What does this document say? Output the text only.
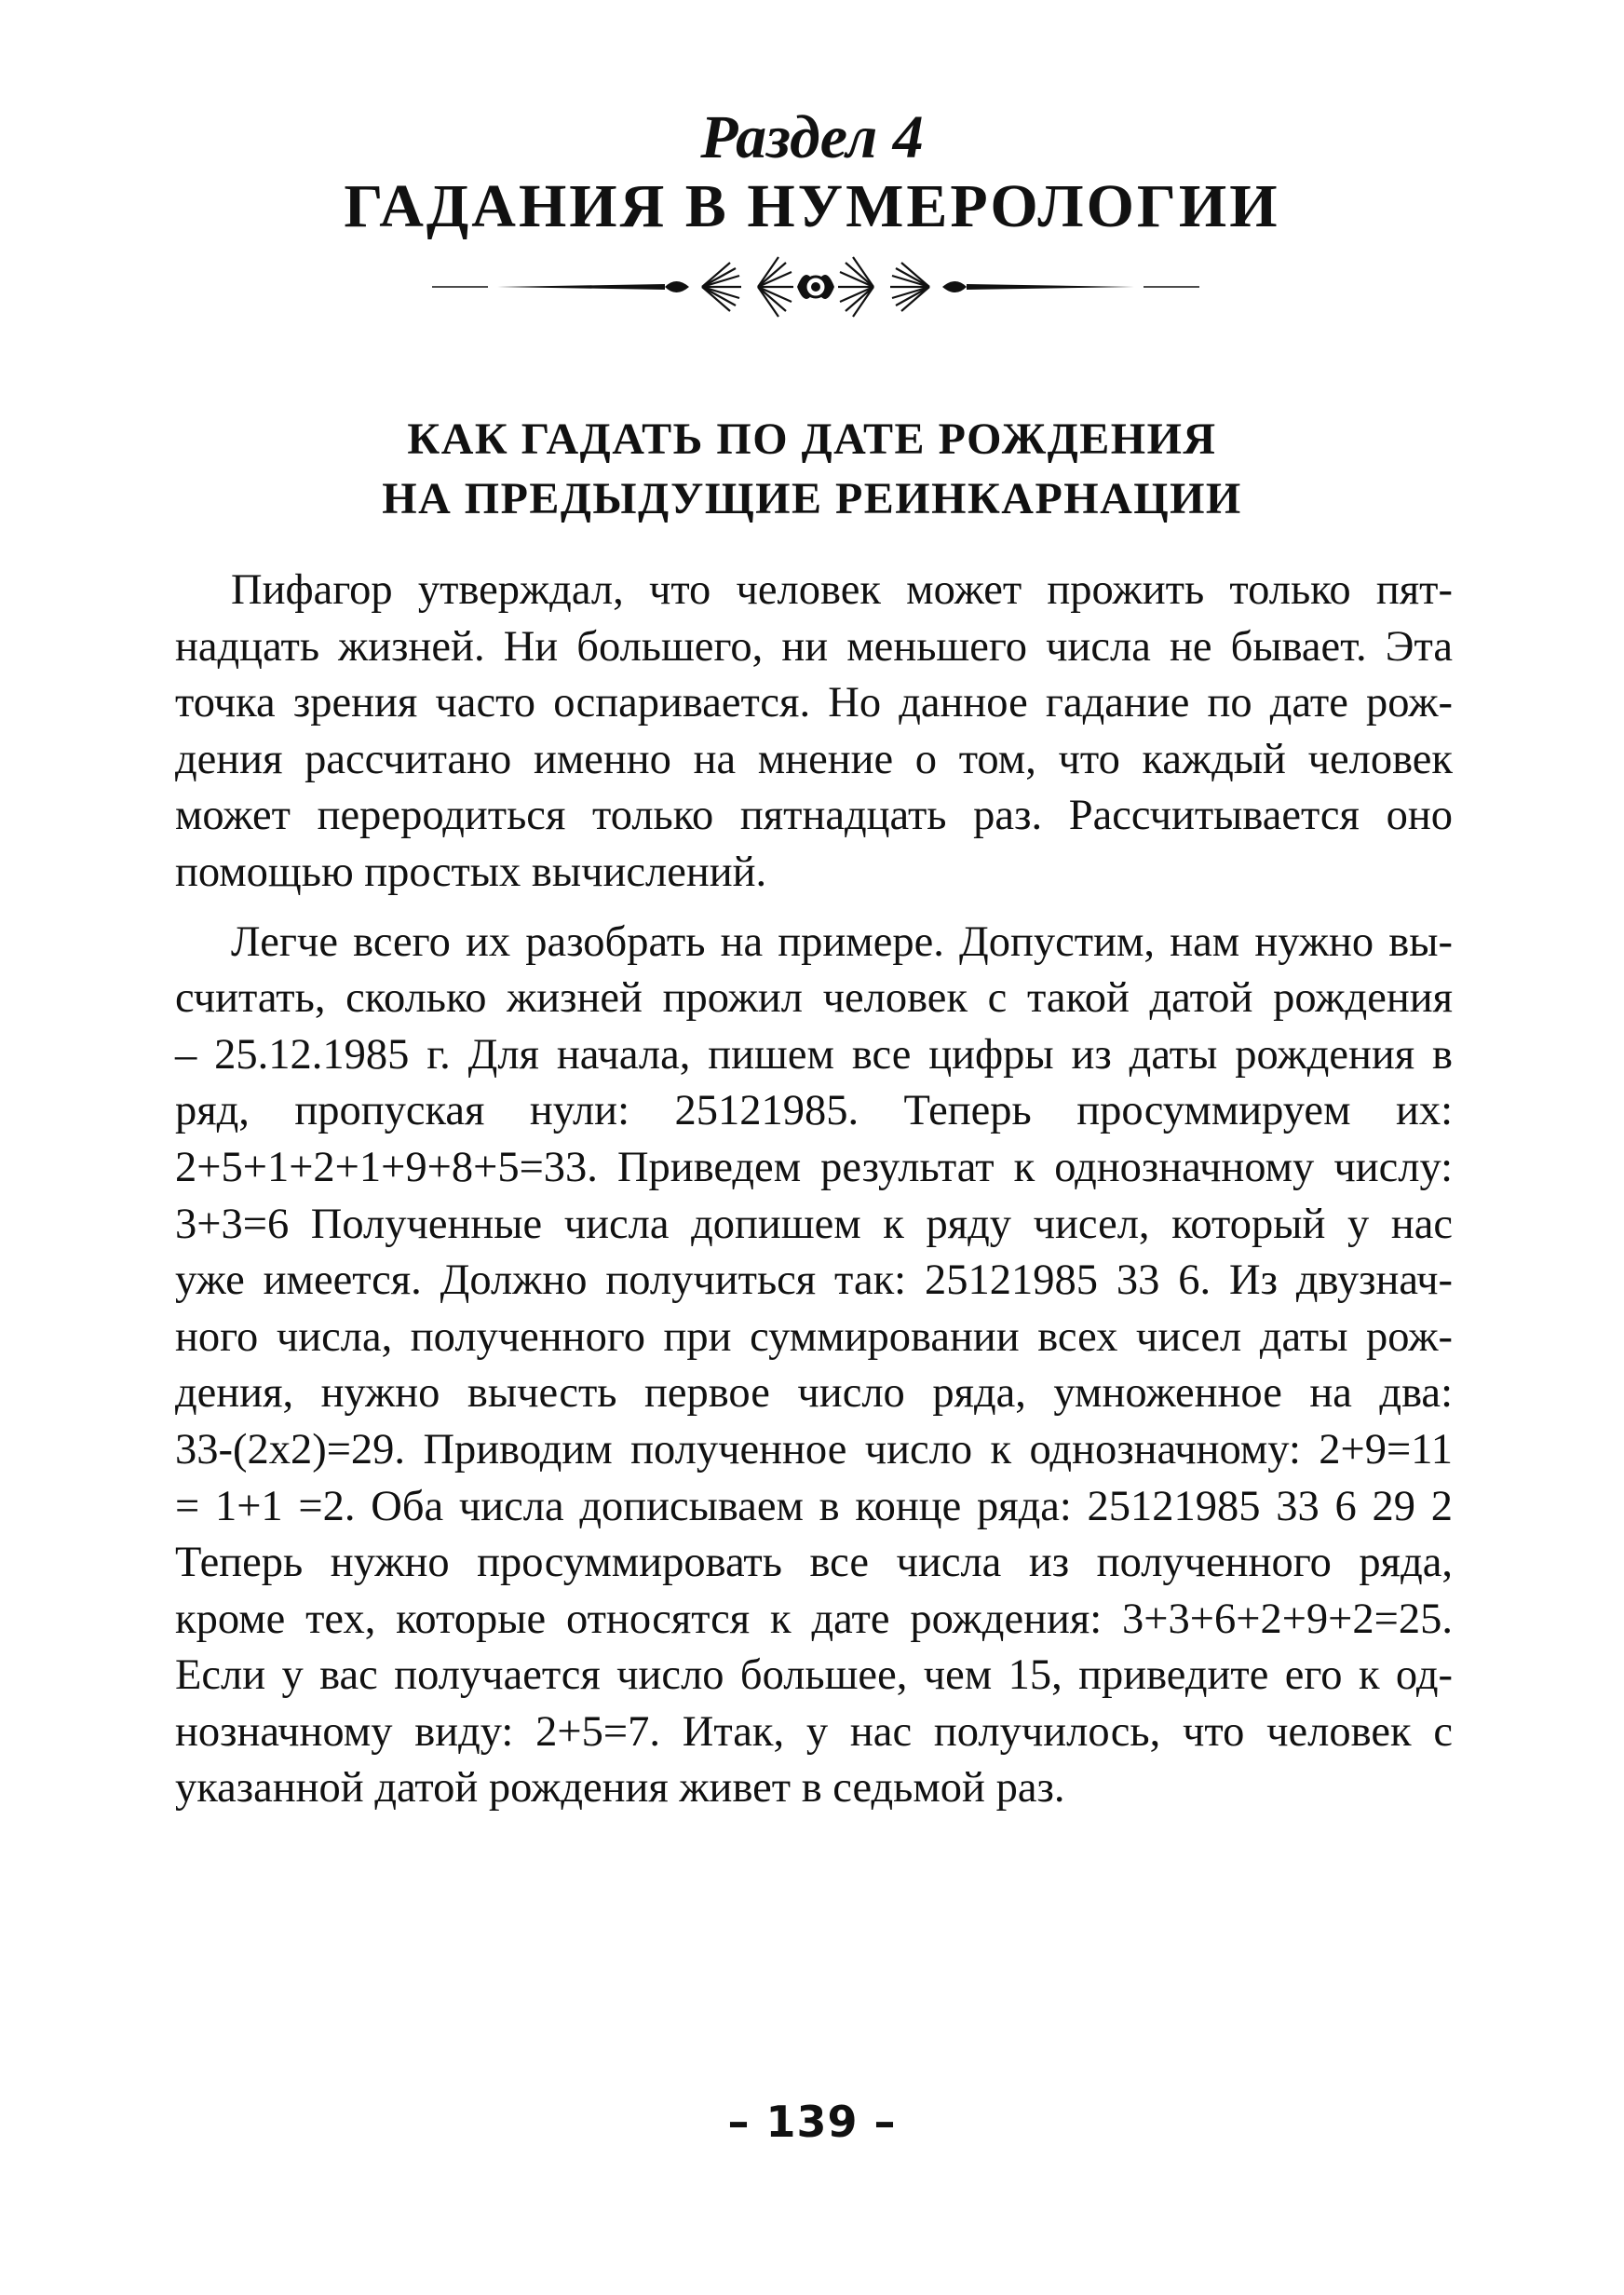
Раздел 4
ГАДАНИЯ В НУМЕРОЛОГИИ
КАК ГАДАТЬ ПО ДАТЕ РОЖДЕНИЯ
НА ПРЕДЫДУЩИЕ РЕИНКАРНАЦИИ

Пифагор утверждал, что человек может прожить только пят-
надцать жизней. Ни большего, ни меньшего числа не бывает. Эта
точка зрения часто оспаривается. Но данное гадание по дате рож-
дения рассчитано именно на мнение о том, что каждый человек
может переродиться только пятнадцать раз. Рассчитывается оно
помощью простых вычислений.

Легче всего их разобрать на примере. Допустим, нам нужно вы-
считать, сколько жизней прожил человек с такой датой рождения
– 25.12.1985 г. Для начала, пишем все цифры из даты рождения в
ряд, пропуская нули: 25121985. Теперь просуммируем их:
2+5+1+2+1+9+8+5=33. Приведем результат к однозначному числу:
3+3=6 Полученные числа допишем к ряду чисел, который у нас
уже имеется. Должно получиться так: 25121985 33 6. Из двузнач-
ного числа, полученного при суммировании всех чисел даты рож-
дения, нужно вычесть первое число ряда, умноженное на два:
33-(2х2)=29. Приводим полученное число к однозначному: 2+9=11
= 1+1 =2. Оба числа дописываем в конце ряда: 25121985 33 6 29 2
Теперь нужно просуммировать все числа из полученного ряда,
кроме тех, которые относятся к дате рождения: 3+3+6+2+9+2=25.
Если у вас получается число большее, чем 15, приведите его к од-
нозначному виду: 2+5=7. Итак, у нас получилось, что человек с
указанной датой рождения живет в седьмой раз.

– 139 –
